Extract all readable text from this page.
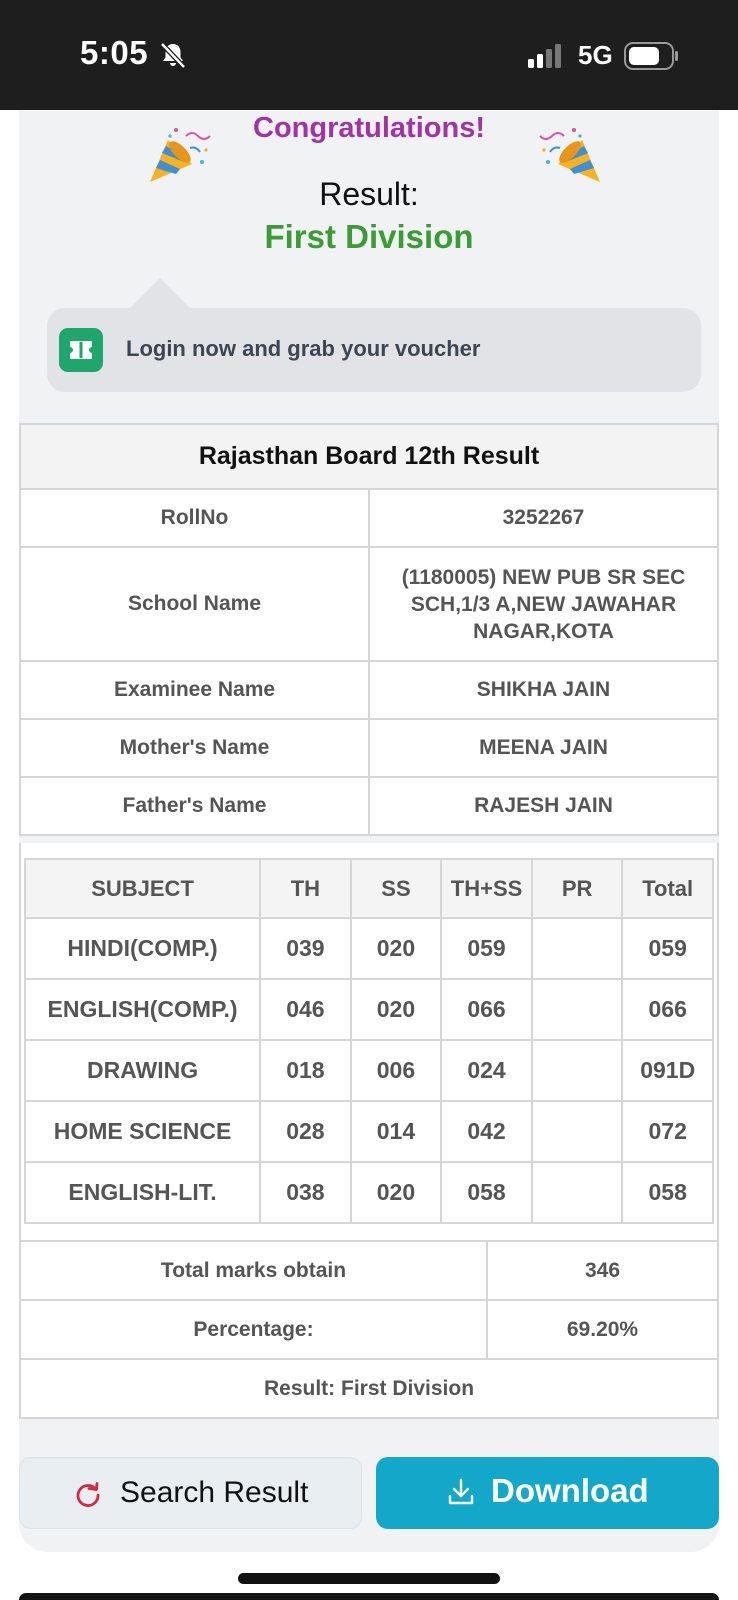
5:05	5G
Congratulations!
Result:
First Division
Login now and grab your voucher
Rajasthan Board 12th Result	
RollNo	3252267
School Name	(1180005) NEW PUB SR SEC SCH,1/3 A,NEW JAWAHAR NAGAR,KOTA
Examinee Name	SHIKHA JAIN
Mother's Name	MEENA JAIN
Father's Name	RAJESH JAIN
SUBJECT	TH	SS	TH+SS	PR	Total
HINDI(COMP.)	039	020	059		059
ENGLISH(COMP.)	046	020	066		066
DRAWING	018	006	024		091D
HOME SCIENCE	028	014	042		072
ENGLISH-LIT.	038	020	058		058
Total marks obtain	346
Percentage:	69.20%
Result: First Division	
Search Result	Download
